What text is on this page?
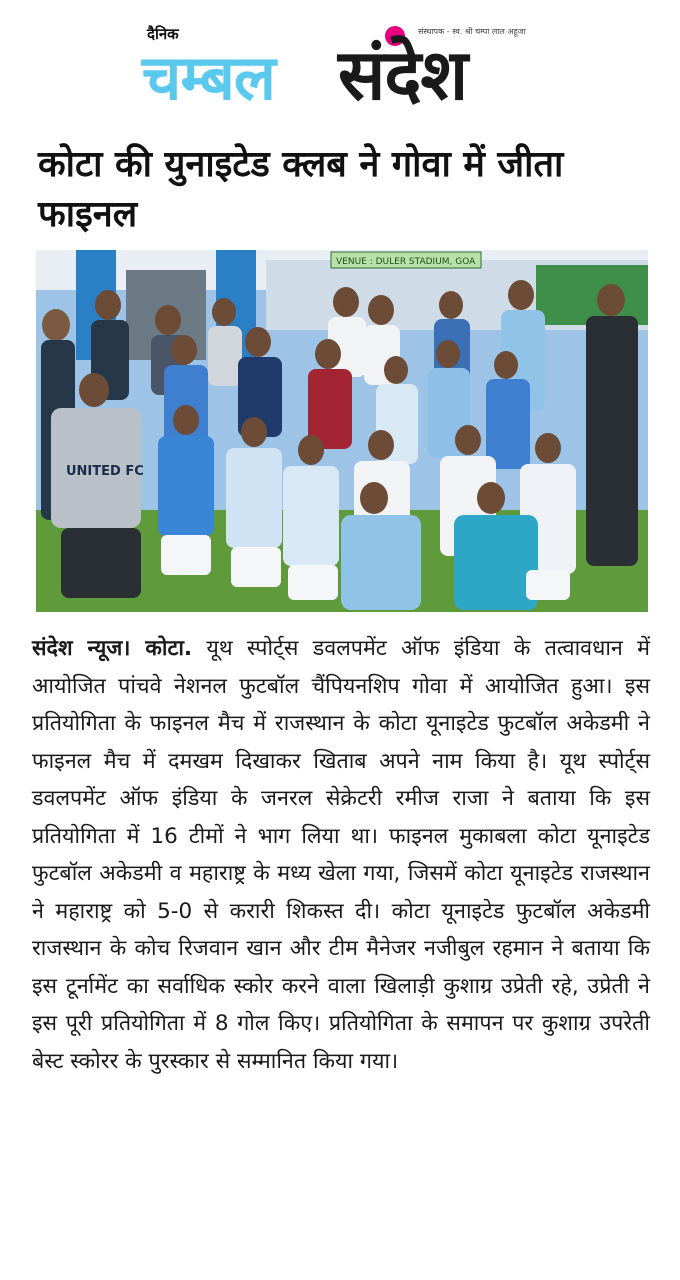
दैनिक
चम्बल
संस्थापक - स्व. श्री चम्पा लाल अहूजा
संदेश
कोटा की युनाइटेड क्लब ने गोवा में जीता फाइनल
VENUE : DULER STADIUM, GOA
UNITED FC

संदेश न्यूज। कोटा. यूथ स्पोर्ट्स डवलपमेंट ऑफ इंडिया के तत्वावधान में आयोजित पांचवे नेशनल फुटबॉल चैंपियनशिप गोवा में आयोजित हुआ। इस प्रतियोगिता के फाइनल मैच में राजस्थान के कोटा यूनाइटेड फुटबॉल अकेडमी ने फाइनल मैच में दमखम दिखाकर खिताब अपने नाम किया है। यूथ स्पोर्ट्स डवलपमेंट ऑफ इंडिया के जनरल सेक्रेटरी रमीज राजा ने बताया कि इस प्रतियोगिता में 16 टीमों ने भाग लिया था। फाइनल मुकाबला कोटा यूनाइटेड फुटबॉल अकेडमी व महाराष्ट्र के मध्य खेला गया, जिसमें कोटा यूनाइटेड राजस्थान ने महाराष्ट्र को 5-0 से करारी शिकस्त दी। कोटा यूनाइटेड फुटबॉल अकेडमी राजस्थान के कोच रिजवान खान और टीम मैनेजर नजीबुल रहमान ने बताया कि इस टूर्नामेंट का सर्वाधिक स्कोर करने वाला खिलाड़ी कुशाग्र उप्रेती रहे, उप्रेती ने इस पूरी प्रतियोगिता में 8 गोल किए। प्रतियोगिता के समापन पर कुशाग्र उपरेती बेस्ट स्कोरर के पुरस्कार से सम्मानित किया गया।
